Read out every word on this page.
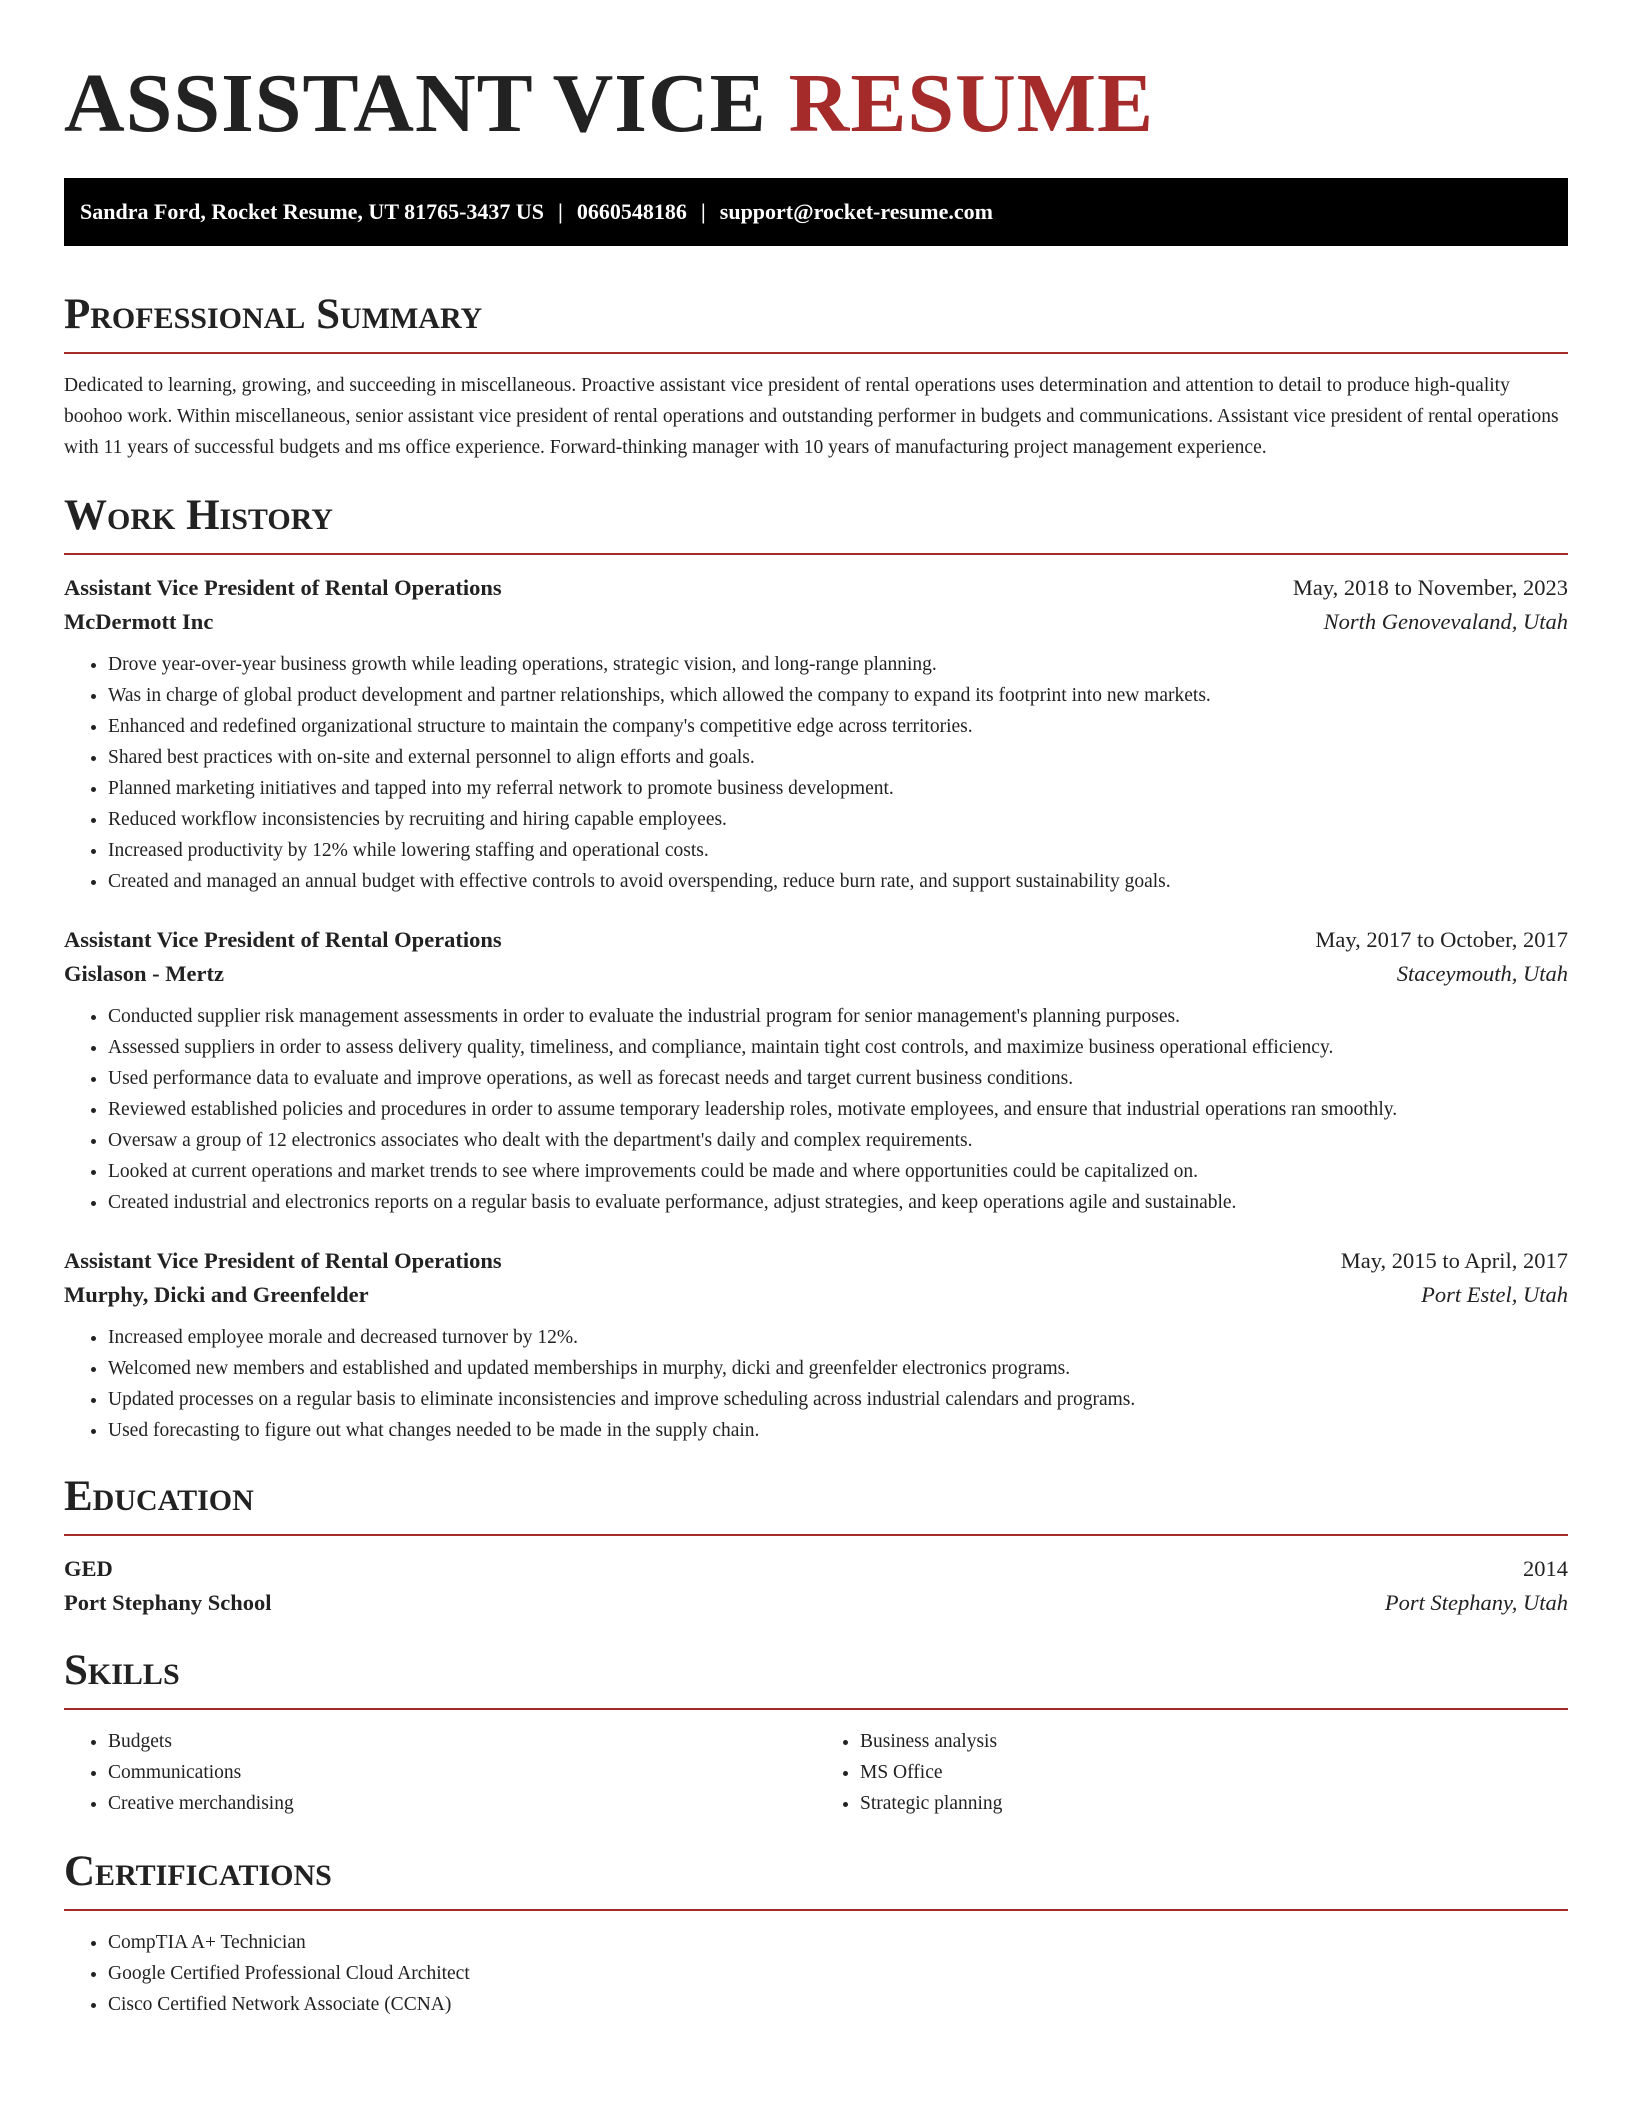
ASSISTANT VICE RESUME
Sandra Ford, Rocket Resume, UT 81765-3437 US | 0660548186 | support@rocket-resume.com
Professional Summary

Dedicated to learning, growing, and succeeding in miscellaneous. Proactive assistant vice president of rental operations uses determination and attention to detail to produce high-quality boohoo work. Within miscellaneous, senior assistant vice president of rental operations and outstanding performer in budgets and communications. Assistant vice president of rental operations with 11 years of successful budgets and ms office experience. Forward-thinking manager with 10 years of manufacturing project management experience.

Work History
Assistant Vice President of Rental Operations	May, 2018 to November, 2023
McDermott Inc	North Genovevaland, Utah
• Drove year-over-year business growth while leading operations, strategic vision, and long-range planning.
• Was in charge of global product development and partner relationships, which allowed the company to expand its footprint into new markets.
• Enhanced and redefined organizational structure to maintain the company's competitive edge across territories.
• Shared best practices with on-site and external personnel to align efforts and goals.
• Planned marketing initiatives and tapped into my referral network to promote business development.
• Reduced workflow inconsistencies by recruiting and hiring capable employees.
• Increased productivity by 12% while lowering staffing and operational costs.
• Created and managed an annual budget with effective controls to avoid overspending, reduce burn rate, and support sustainability goals.
Assistant Vice President of Rental Operations	May, 2017 to October, 2017
Gislason - Mertz	Staceymouth, Utah
• Conducted supplier risk management assessments in order to evaluate the industrial program for senior management's planning purposes.
• Assessed suppliers in order to assess delivery quality, timeliness, and compliance, maintain tight cost controls, and maximize business operational efficiency.
• Used performance data to evaluate and improve operations, as well as forecast needs and target current business conditions.
• Reviewed established policies and procedures in order to assume temporary leadership roles, motivate employees, and ensure that industrial operations ran smoothly.
• Oversaw a group of 12 electronics associates who dealt with the department's daily and complex requirements.
• Looked at current operations and market trends to see where improvements could be made and where opportunities could be capitalized on.
• Created industrial and electronics reports on a regular basis to evaluate performance, adjust strategies, and keep operations agile and sustainable.
Assistant Vice President of Rental Operations	May, 2015 to April, 2017
Murphy, Dicki and Greenfelder	Port Estel, Utah
• Increased employee morale and decreased turnover by 12%.
• Welcomed new members and established and updated memberships in murphy, dicki and greenfelder electronics programs.
• Updated processes on a regular basis to eliminate inconsistencies and improve scheduling across industrial calendars and programs.
• Used forecasting to figure out what changes needed to be made in the supply chain.
Education
GED	2014
Port Stephany School	Port Stephany, Utah
Skills
• Budgets
• Communications
• Creative merchandising
• Business analysis
• MS Office
• Strategic planning
Certifications
• CompTIA A+ Technician
• Google Certified Professional Cloud Architect
• Cisco Certified Network Associate (CCNA)
